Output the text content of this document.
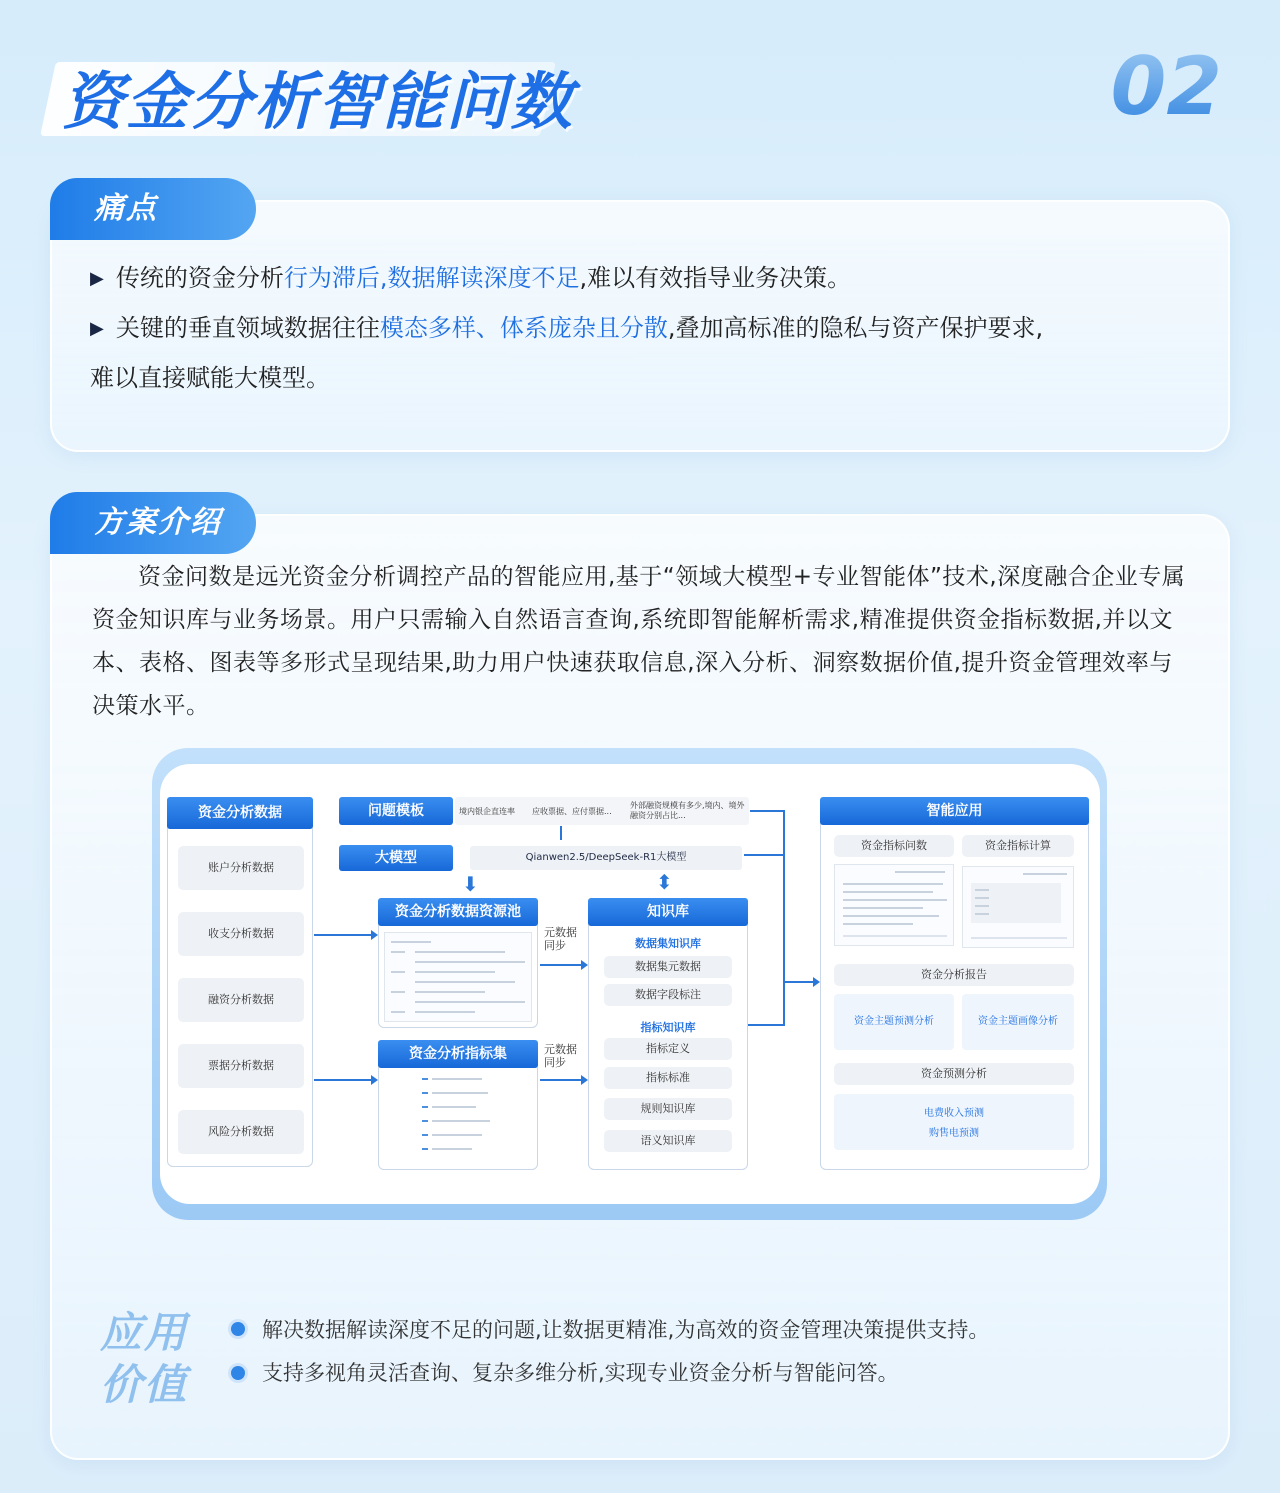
资金分析智能问数	02
痛点
▶ 传统的资金分析行为滞后,数据解读深度不足,难以有效指导业务决策。
▶ 关键的垂直领域数据往往模态多样、体系庞杂且分散,叠加高标准的隐私与资产保护要求,
难以直接赋能大模型。
方案介绍
资金问数是远光资金分析调控产品的智能应用,基于“领域大模型+专业智能体”技术,深度融合企业专属资金知识库与业务场景。用户只需输入自然语言查询,系统即智能解析需求,精准提供资金指标数据,并以文本、表格、图表等多形式呈现结果,助力用户快速获取信息,深入分析、洞察数据价值,提升资金管理效率与决策水平。
资金分析数据
账户分析数据
收支分析数据
融资分析数据
票据分析数据
风险分析数据
问题模板	境内银企直连率	应收票据、应付票据...
外部融资规模有多少,境内、境外融资分别占比...
大模型	Qianwen2.5/DeepSeek-R1大模型
⬇	⬍
资金分析数据资源池
资金分析指标集
元数据同步
元数据同步
知识库
数据集知识库
数据集元数据
数据字段标注
指标知识库
指标定义
指标标准
规则知识库
语义知识库
智能应用
资金指标问数	资金指标计算
资金分析报告
资金主题预测分析	资金主题画像分析
资金预测分析
电费收入预测
购售电预测
应用
价值
解决数据解读深度不足的问题,让数据更精准,为高效的资金管理决策提供支持。
支持多视角灵活查询、复杂多维分析,实现专业资金分析与智能问答。
